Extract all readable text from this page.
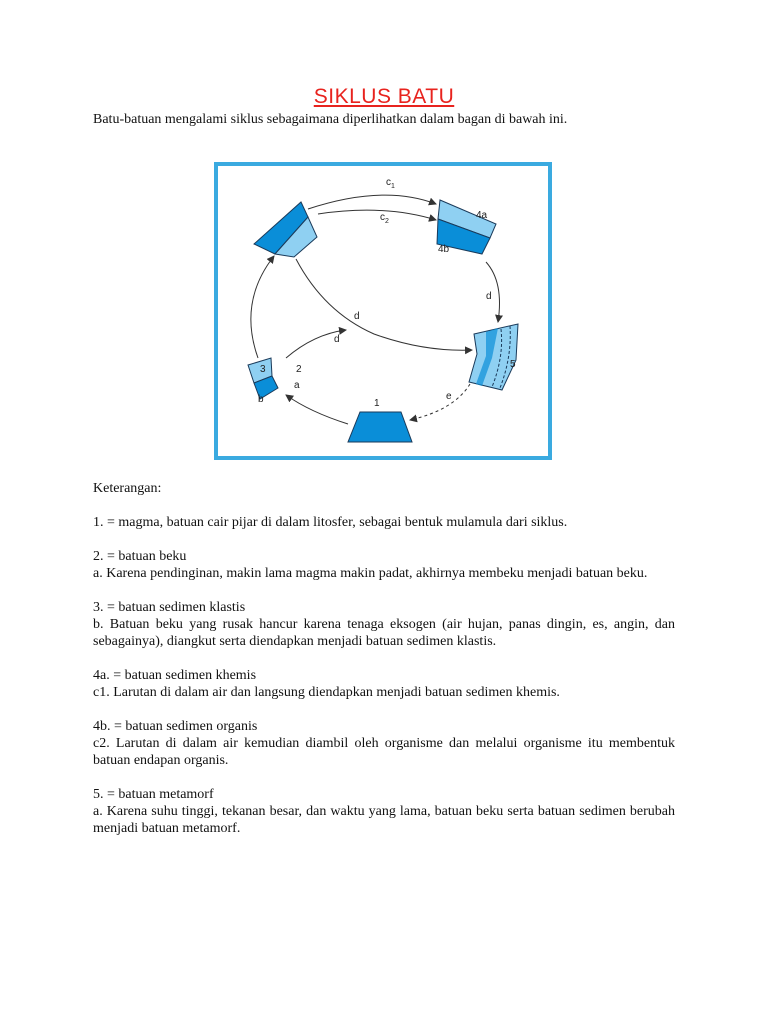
SIKLUS BATU
Batu-batuan mengalami siklus sebagaimana diperlihatkan dalam bagan di bawah ini.
1
3	2
a
b
4a
4b
5
$c_1$
$c_2$
d
d
d
e
Keterangan:

1. = magma, batuan cair pijar di dalam litosfer, sebagai bentuk mulamula dari siklus.

2. = batuan beku

a. Karena pendinginan, makin lama magma makin padat, akhirnya membeku menjadi batuan beku.

3. = batuan sedimen klastis

b. Batuan beku yang rusak hancur karena tenaga eksogen (air hujan, panas dingin, es, angin, dan sebagainya), diangkut serta diendapkan menjadi batuan sedimen klastis.

4a. = batuan sedimen khemis

c1. Larutan di dalam air dan langsung diendapkan menjadi batuan sedimen khemis.

4b. = batuan sedimen organis

c2. Larutan di dalam air kemudian diambil oleh organisme dan melalui organisme itu membentuk batuan endapan organis.

5. = batuan metamorf

a. Karena suhu tinggi, tekanan besar, dan waktu yang lama, batuan beku serta batuan sedimen berubah menjadi batuan metamorf.
